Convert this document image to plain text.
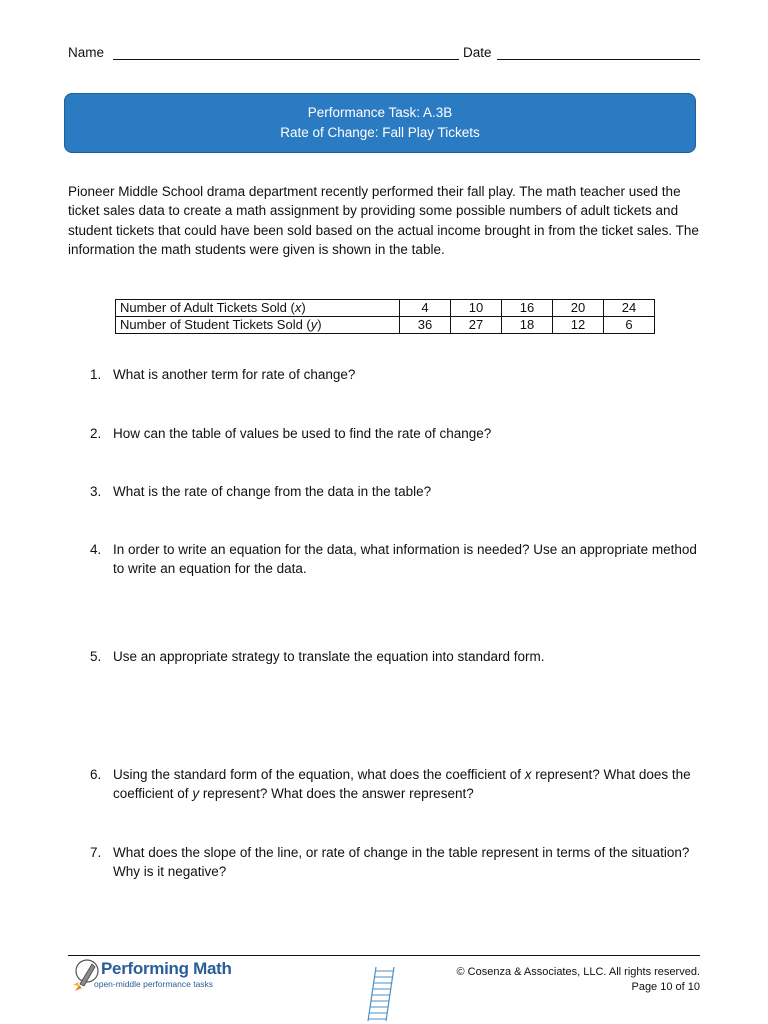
Name	Date
Performance Task: A.3B
Rate of Change: Fall Play Tickets
Pioneer Middle School drama department recently performed their fall play. The math teacher used the ticket sales data to create a math assignment by providing some possible numbers of adult tickets and student tickets that could have been sold based on the actual income brought in from the ticket sales. The information the math students were given is shown in the table.
Number of Adult Tickets Sold (x)	4	10	16	20	24
Number of Student Tickets Sold (y)	36	27	18	12	6
1. What is another term for rate of change?
2. How can the table of values be used to find the rate of change?
3. What is the rate of change from the data in the table?
4. In order to write an equation for the data, what information is needed? Use an appropriate method to write an equation for the data.
5. Use an appropriate strategy to translate the equation into standard form.
6. Using the standard form of the equation, what does the coefficient of x represent? What does the coefficient of y represent? What does the answer represent?
7. What does the slope of the line, or rate of change in the table represent in terms of the situation? Why is it negative?
Performing Math
open-middle performance tasks
© Cosenza & Associates, LLC. All rights reserved.
Page 10 of 10
